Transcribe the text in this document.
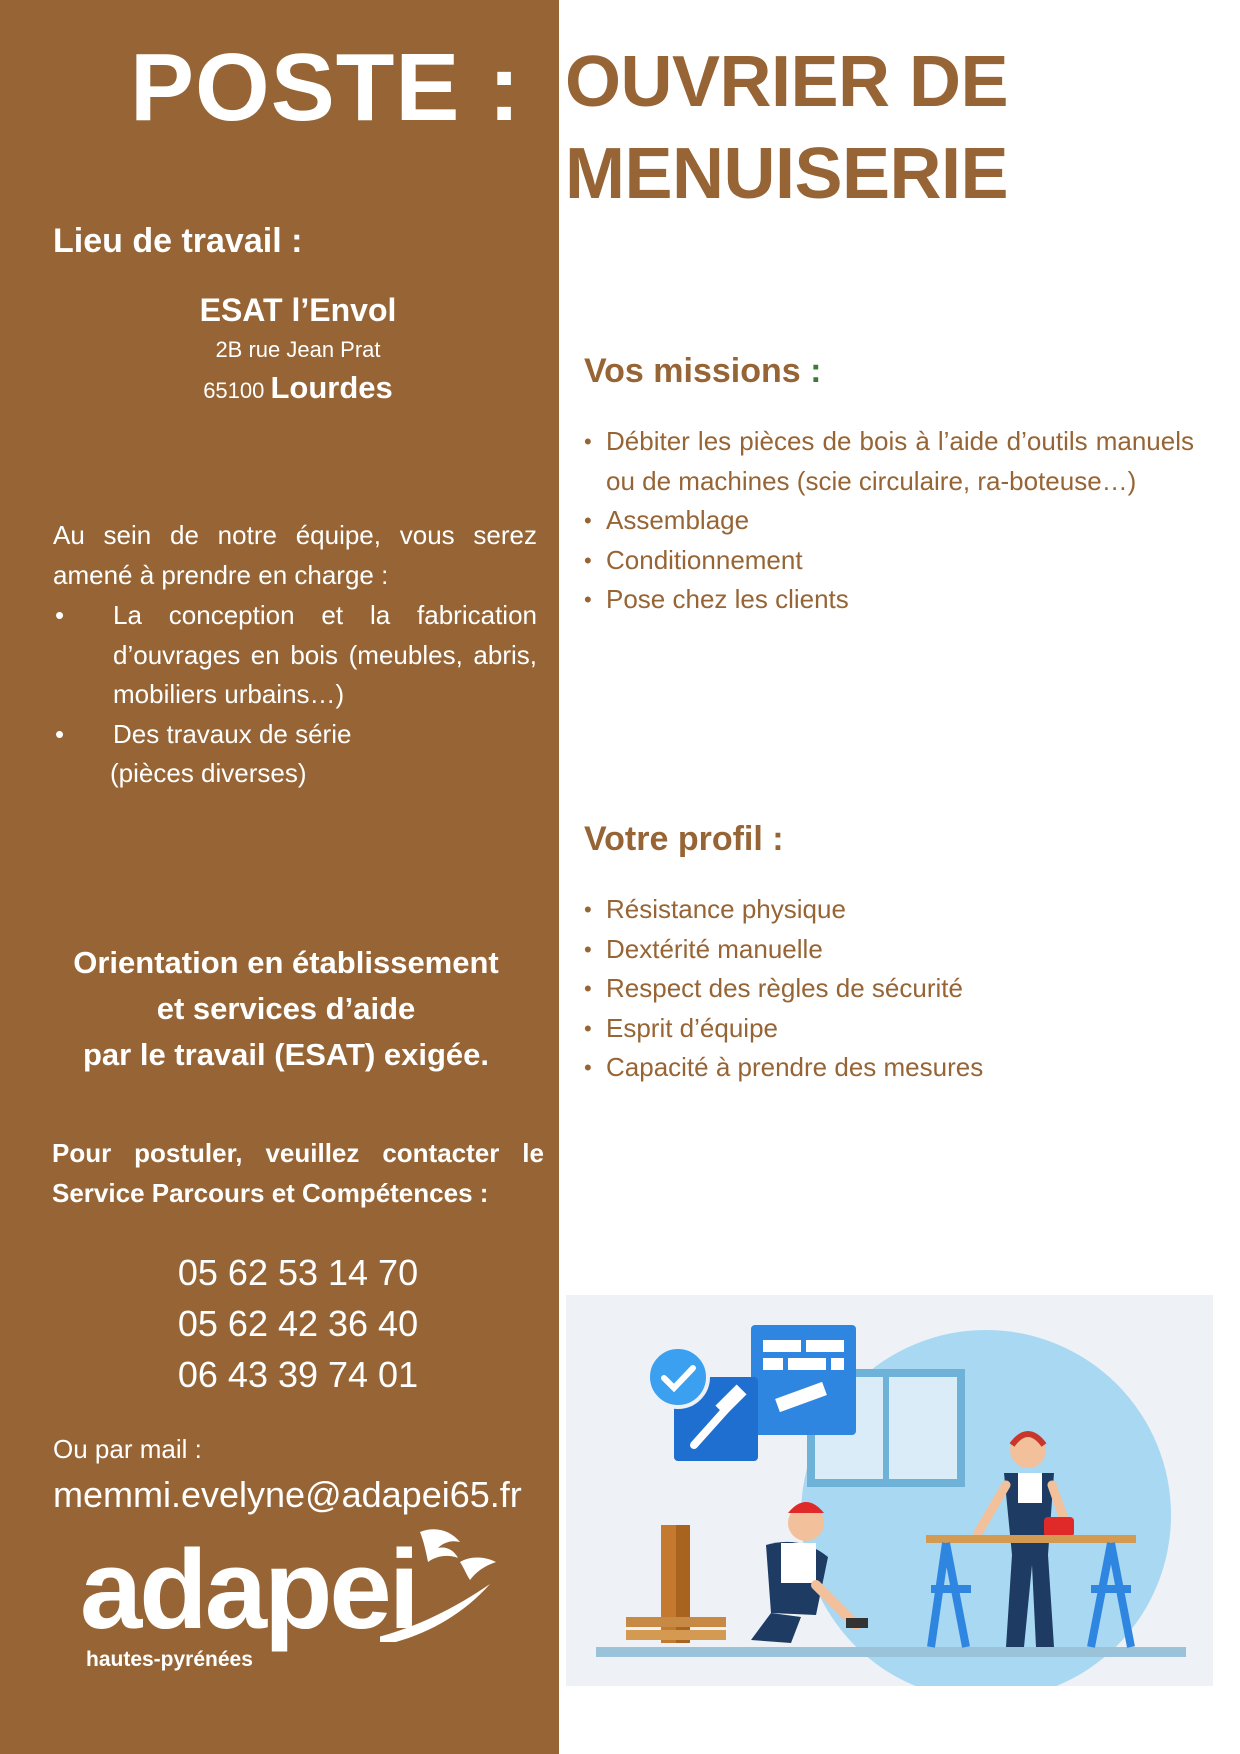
POSTE :
Lieu de travail :
ESAT l’Envol
2B rue Jean Prat
65100 Lourdes
Au sein de notre équipe, vous serez amené à prendre en charge :
• La conception et la fabrication d’ouvrages en bois (meubles, abris, mobiliers urbains…)
• Des travaux de série
(pièces diverses)
Orientation en établissement
et services d’aide
par le travail (ESAT) exigée.
Pour postuler, veuillez contacter le Service Parcours et Compétences :
05 62 53 14 70
05 62 42 36 40
06 43 39 74 01
Ou par mail :
memmi.evelyne@adapei65.fr
adapei
hautes-pyrénées
OUVRIER DE
MENUISERIE
Vos missions :
• Débiter les pièces de bois à l’aide d’outils manuels ou de machines (scie circulaire, ra-boteuse…)
• Assemblage
• Conditionnement
• Pose chez les clients
Votre profil :
• Résistance physique
• Dextérité manuelle
• Respect des règles de sécurité
• Esprit d’équipe
• Capacité à prendre des mesures
